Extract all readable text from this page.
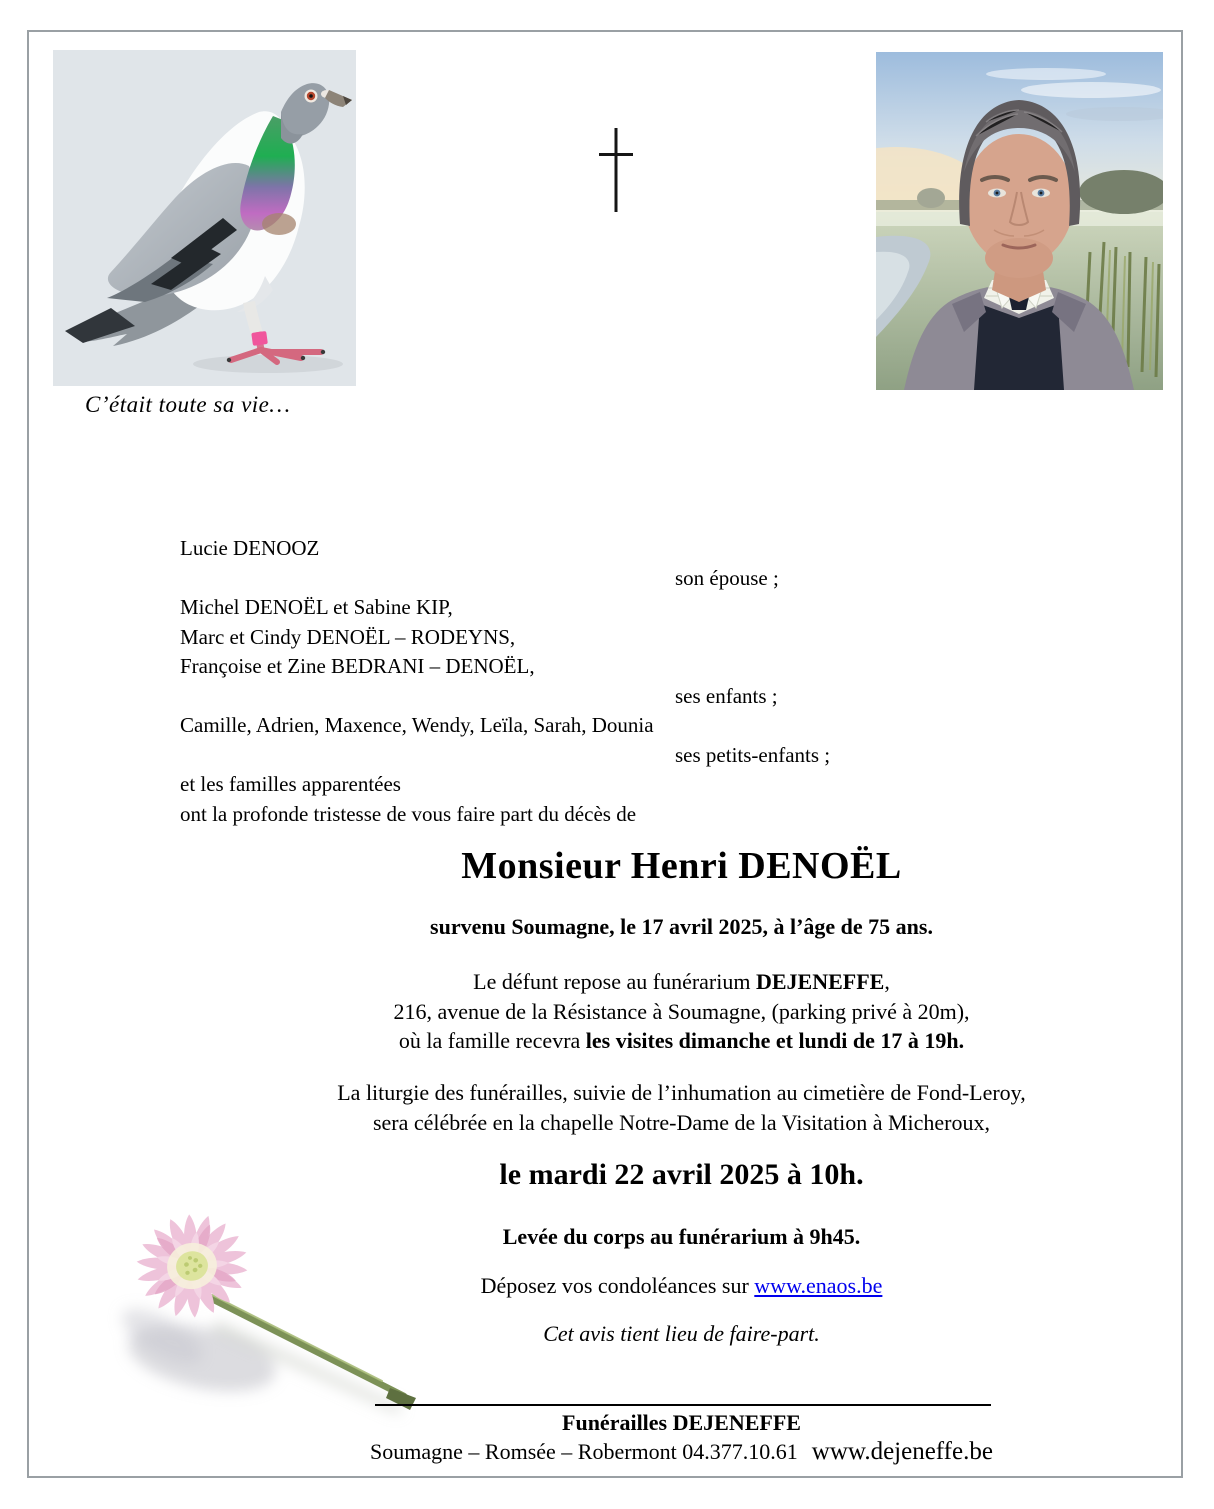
C’était toute sa vie…
Lucie DENOOZ
son épouse ;
Michel DENOËL et Sabine KIP,
Marc et Cindy DENOËL – RODEYNS,
Françoise et Zine BEDRANI – DENOËL,
ses enfants ;
Camille, Adrien, Maxence, Wendy, Leïla, Sarah, Dounia
ses petits-enfants ;
et les familles apparentées
ont la profonde tristesse de vous faire part du décès de
Monsieur Henri DENOËL
survenu Soumagne, le 17 avril 2025, à l’âge de 75 ans.
Le défunt repose au funérarium DEJENEFFE,
216, avenue de la Résistance à Soumagne, (parking privé à 20m),
où la famille recevra les visites dimanche et lundi de 17 à 19h.
La liturgie des funérailles, suivie de l’inhumation au cimetière de Fond-Leroy,
sera célébrée en la chapelle Notre-Dame de la Visitation à Micheroux,
le mardi 22 avril 2025 à 10h.
Levée du corps au funérarium à 9h45.
Déposez vos condoléances sur www.enaos.be
Cet avis tient lieu de faire-part.
Funérailles DEJENEFFE
Soumagne – Romsée – Robermont 04.377.10.61 www.dejeneffe.be
